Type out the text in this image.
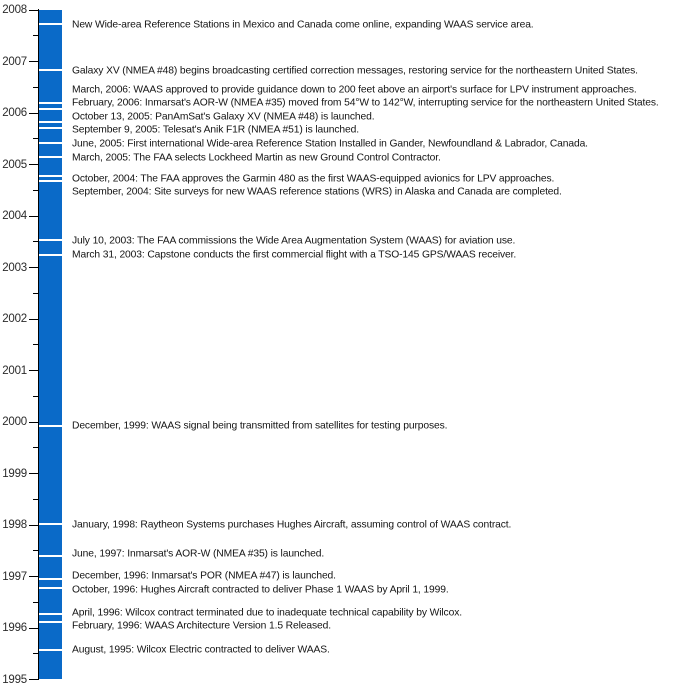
2008
2007
2006
2005
2004
2003
2002
2001
2000
1999
1998
1997
1996
1995
New Wide-area Reference Stations in Mexico and Canada come online, expanding WAAS service area.
Galaxy XV (NMEA #48) begins broadcasting certified correction messages, restoring service for the northeastern United States.
March, 2006: WAAS approved to provide guidance down to 200 feet above an airport's surface for LPV instrument approaches.
February, 2006: Inmarsat's AOR-W (NMEA #35) moved from 54°W to 142°W, interrupting service for the northeastern United States.
October 13, 2005: PanAmSat's Galaxy XV (NMEA #48) is launched.
September 9, 2005: Telesat's Anik F1R (NMEA #51) is launched.
June, 2005: First international Wide-area Reference Station Installed in Gander, Newfoundland & Labrador, Canada.
March, 2005: The FAA selects Lockheed Martin as new Ground Control Contractor.
October, 2004: The FAA approves the Garmin 480 as the first WAAS-equipped avionics for LPV approaches.
September, 2004: Site surveys for new WAAS reference stations (WRS) in Alaska and Canada are completed.
July 10, 2003: The FAA commissions the Wide Area Augmentation System (WAAS) for aviation use.
March 31, 2003: Capstone conducts the first commercial flight with a TSO-145 GPS/WAAS receiver.
December, 1999: WAAS signal being transmitted from satellites for testing purposes.
January, 1998: Raytheon Systems purchases Hughes Aircraft, assuming control of WAAS contract.
June, 1997: Inmarsat's AOR-W (NMEA #35) is launched.
December, 1996: Inmarsat's POR (NMEA #47) is launched.
October, 1996: Hughes Aircraft contracted to deliver Phase 1 WAAS by April 1, 1999.
April, 1996: Wilcox contract terminated due to inadequate technical capability by Wilcox.
February, 1996: WAAS Architecture Version 1.5 Released.
August, 1995: Wilcox Electric contracted to deliver WAAS.
